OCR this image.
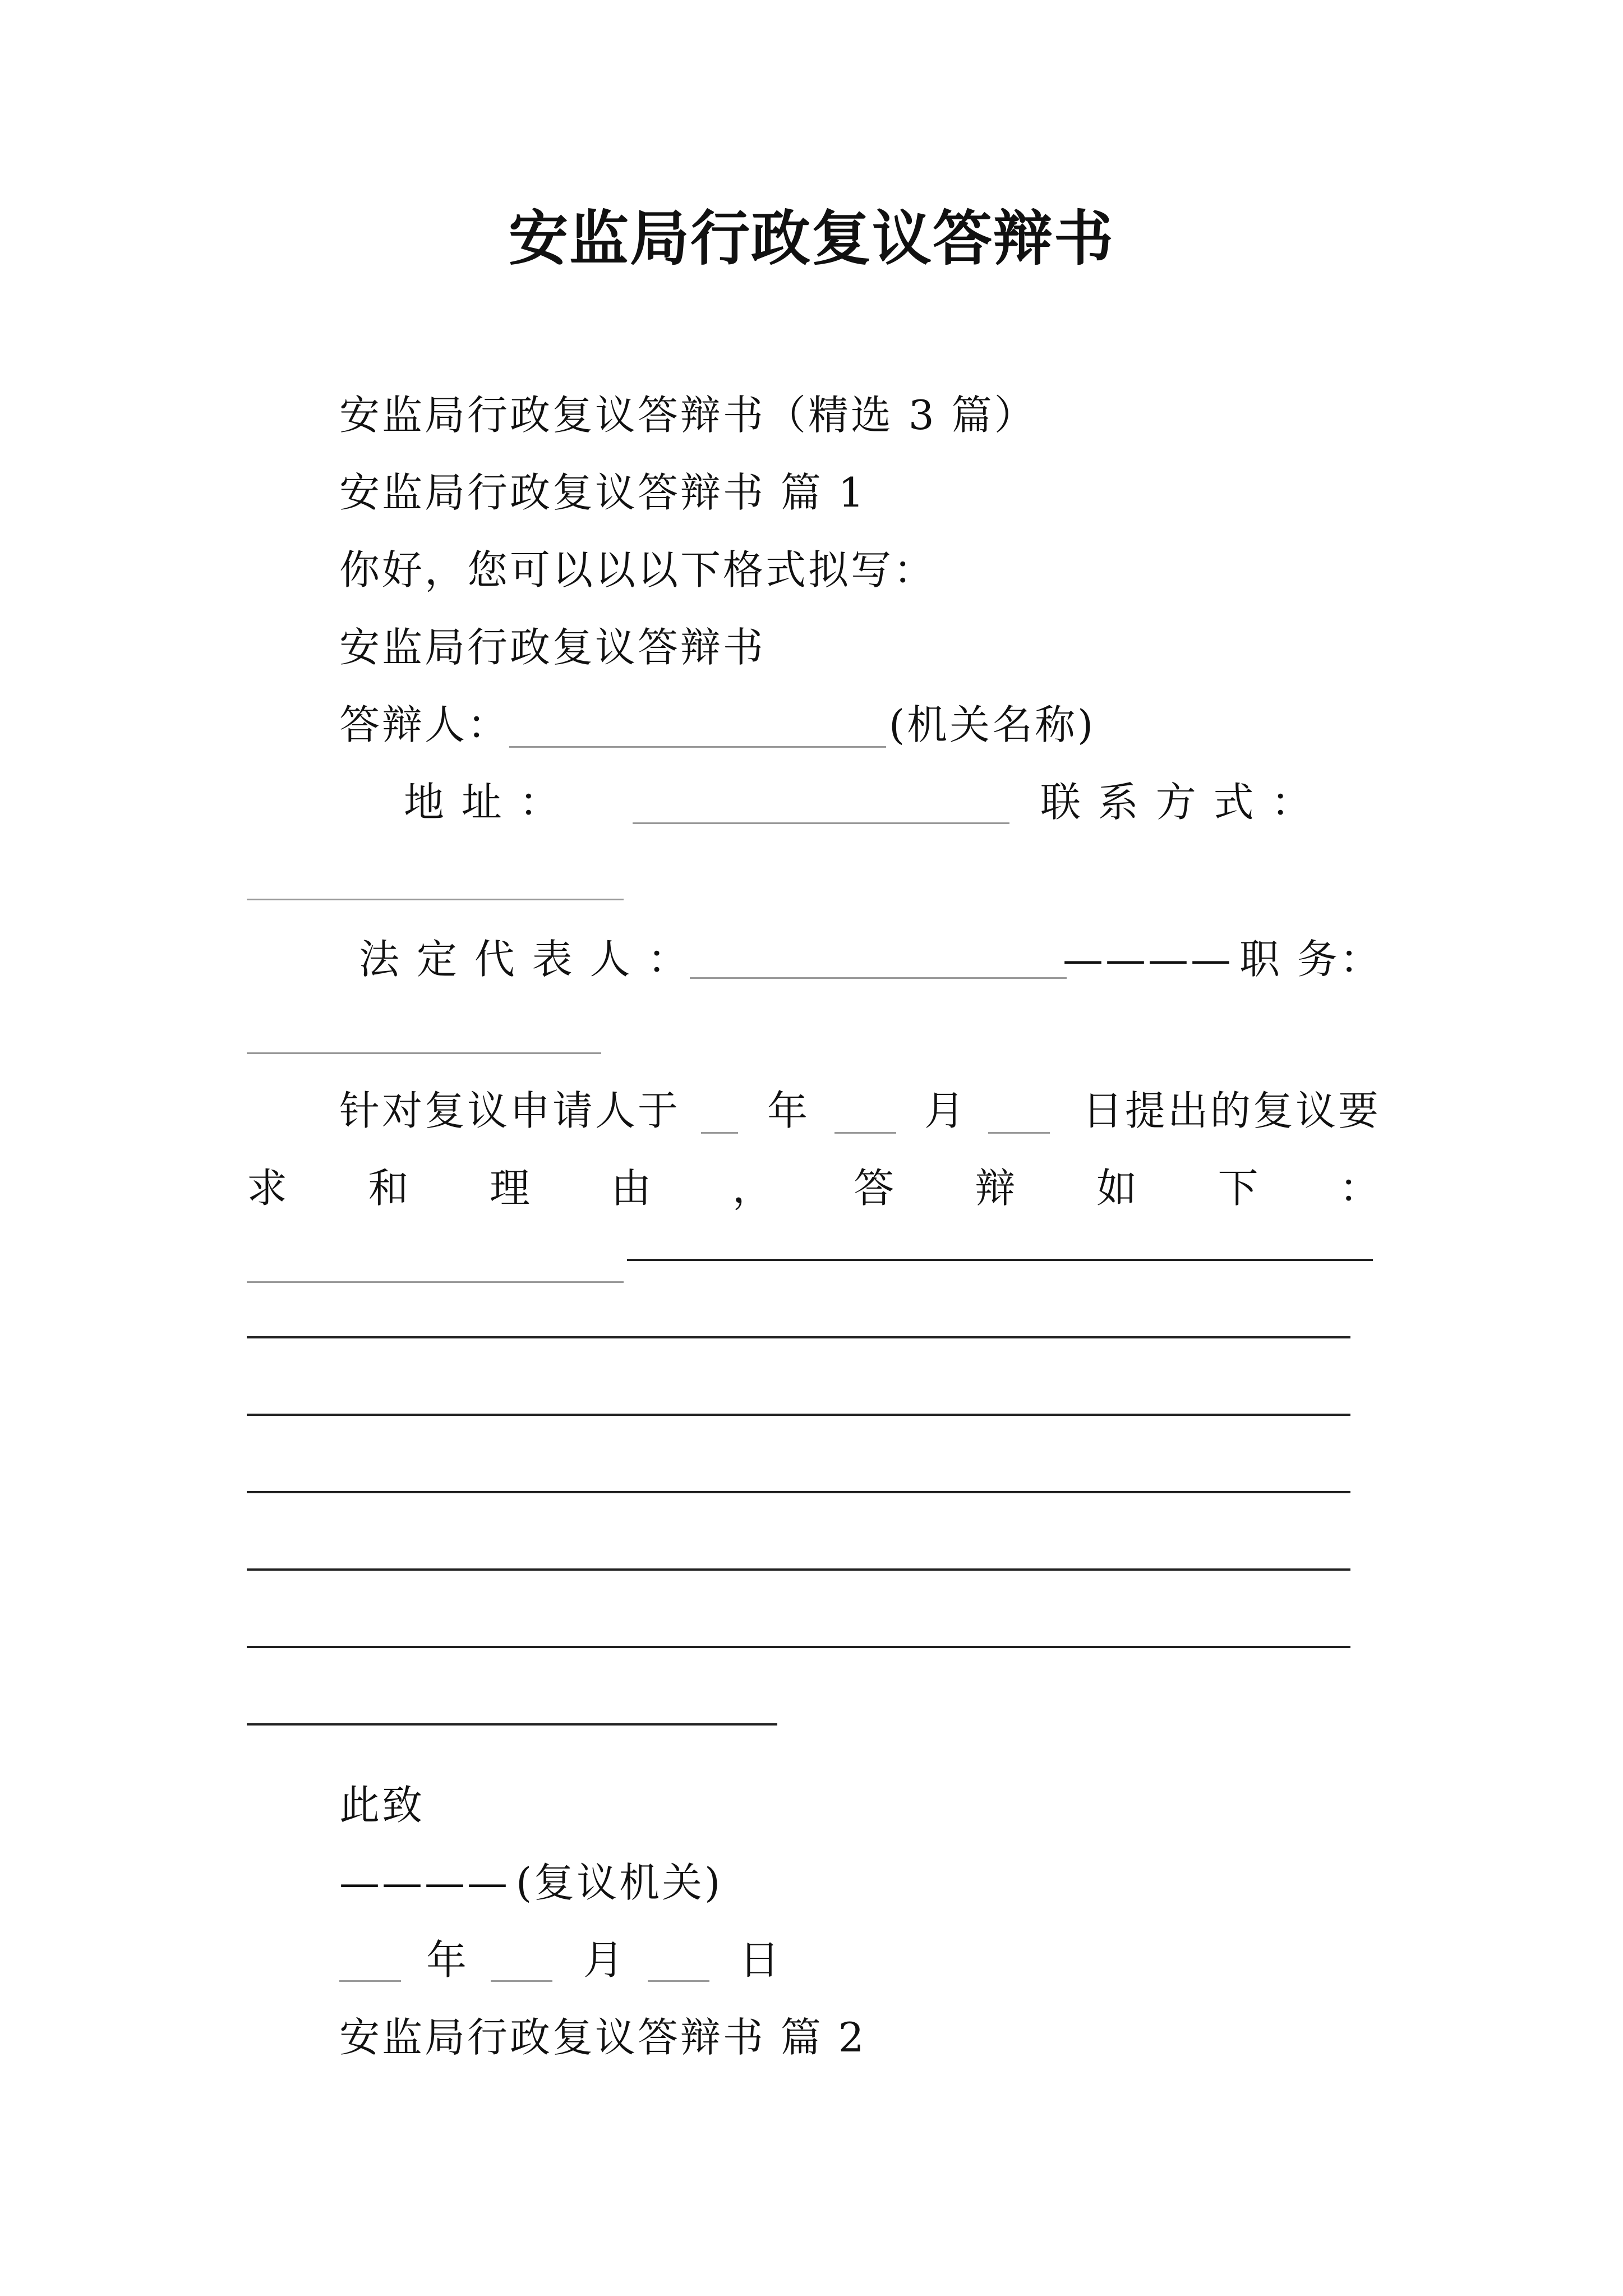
安监局行政复议答辩书
安监局行政复议答辩书（精选 3 篇）
安监局行政复议答辩书 篇 1
你好，您可以以以下格式拟写：
安监局行政复议答辩书
答辩人：	(机关名称)
地 址 ：	联 系 方 式 ：
法 定 代 表 人 ：	———— 职 务：
针对复议申请人于 年	月	日提出的复议要
求 和 理 由 ， 答 辩 如 下 ：
此致
———— (复议机关)
年	月	日
安监局行政复议答辩书 篇 2
